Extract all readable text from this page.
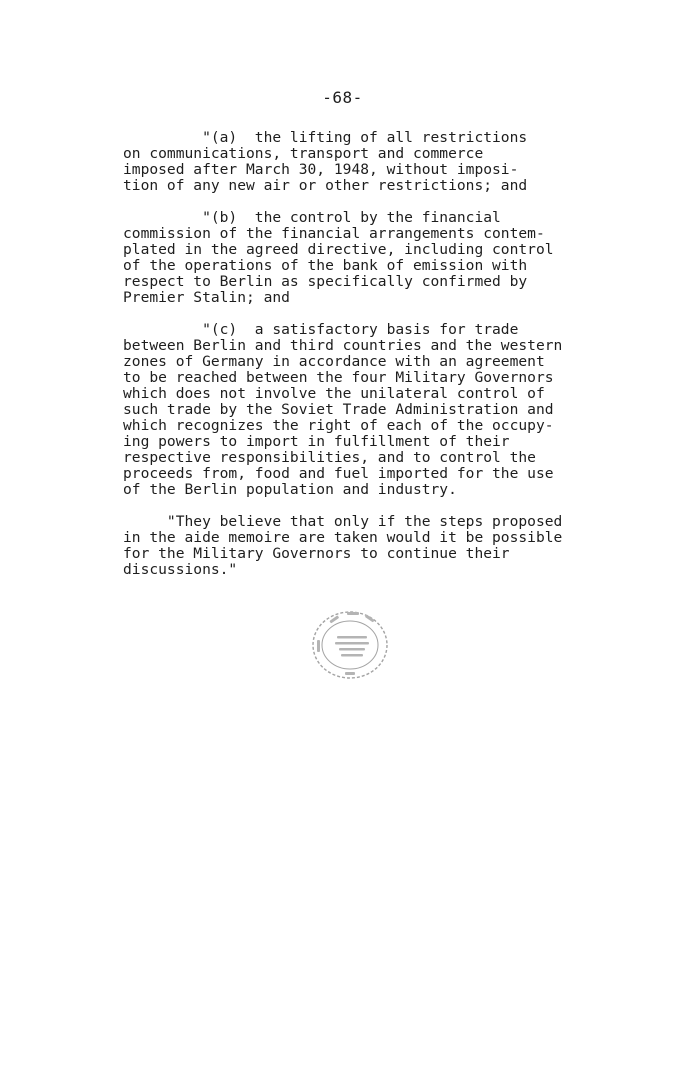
-68-
"(a)  the lifting of all restrictions
on communications, transport and commerce
imposed after March 30, 1948, without imposi-
tion of any new air or other restrictions; and
"(b)  the control by the financial
commission of the financial arrangements contem-
plated in the agreed directive, including control
of the operations of the bank of emission with
respect to Berlin as specifically confirmed by
Premier Stalin; and
"(c)  a satisfactory basis for trade
between Berlin and third countries and the western
zones of Germany in accordance with an agreement
to be reached between the four Military Governors
which does not involve the unilateral control of
such trade by the Soviet Trade Administration and
which recognizes the right of each of the occupy-
ing powers to import in fulfillment of their
respective responsibilities, and to control the
proceeds from, food and fuel imported for the use
of the Berlin population and industry.
"They believe that only if the steps proposed
in the aide memoire are taken would it be possible
for the Military Governors to continue their
discussions."
